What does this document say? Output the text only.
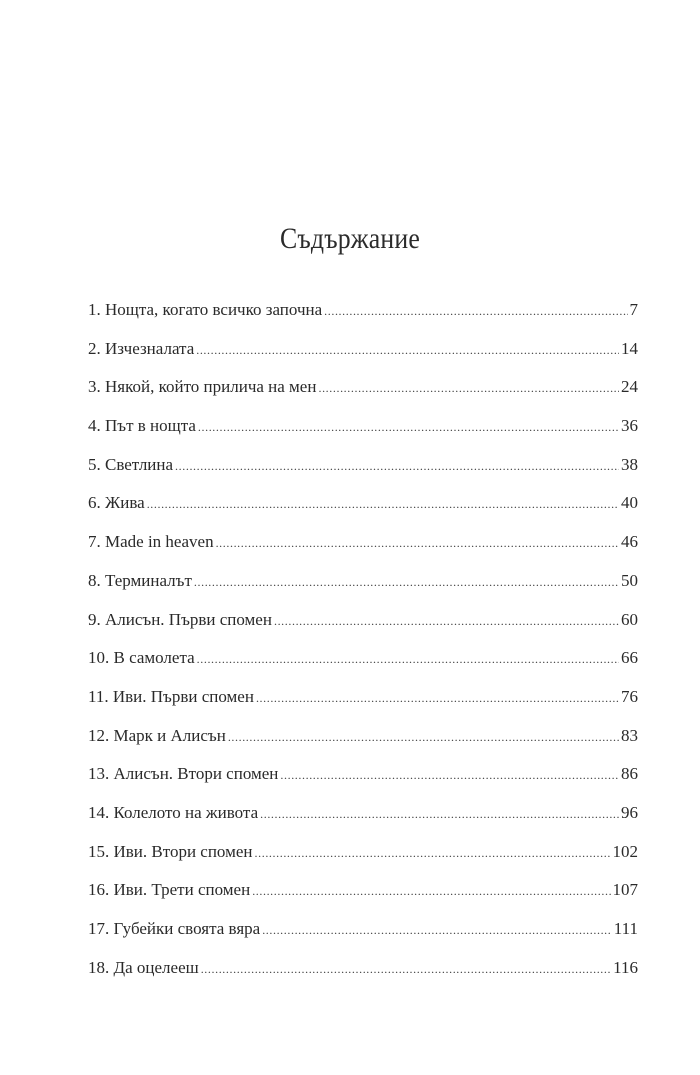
Съдържание
1. Нощта, когато всичко започна .....	7
2. Изчезналата .....	14
3. Някой, който прилича на мен .....	24
4. Път в нощта .....	36
5. Светлина .....	38
6. Жива .....	40
7. Made in heaven .....	46
8. Терминалът .....	50
9. Алисън. Първи спомен .....	60
10. В самолета .....	66
11. Иви. Първи спомен .....	76
12. Марк и Алисън .....	83
13. Алисън. Втори спомен .....	86
14. Колелото на живота .....	96
15. Иви. Втори спомен .....	102
16. Иви. Трети спомен .....	107
17. Губейки своята вяра .....	111
18. Да оцелееш .....	116
